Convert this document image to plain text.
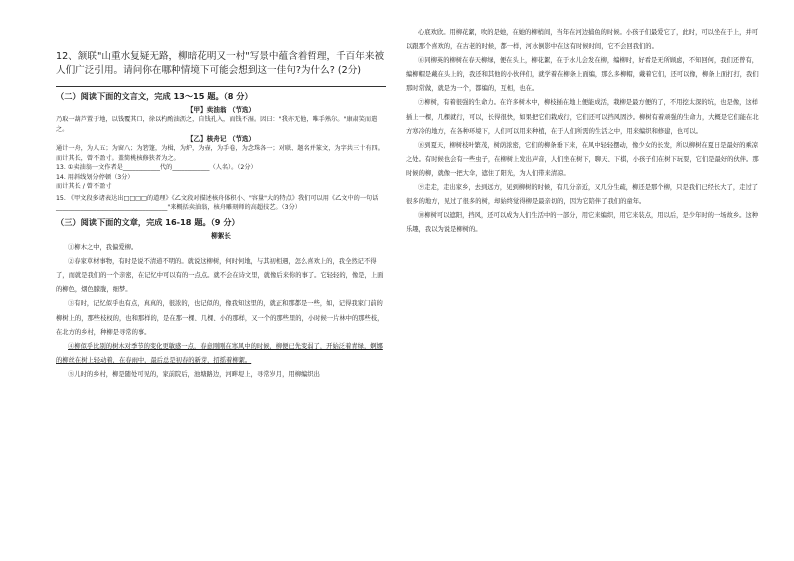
12、颔联"山重水复疑无路，柳暗花明又一村"写景中蕴含着哲理，千百年来被人们广泛引用。请问你在哪种情境下可能会想到这一佳句?为什么? (2分)
（二）阅读下面的文言文，完成 13～15 题。（8 分）
【甲】卖油翁 （节选）
乃取一葫芦置于地，以钱覆其口，徐以杓酌油沥之，自钱孔入，而钱不湿。因曰："我亦无他，唯手熟尔。"康肃笑而遣之。
【乙】核舟记 （节选）
通计一舟，为人五；为窗八；为箬篷，为楫，为炉，为壶，为手卷，为念珠各一；对联、题名并篆文，为字共三十有四。而计其长，曾不盈寸。盖简桃核修狭者为之。
13. ①卖油翁一文作者是____________代的____________（人名）。（2分）
14. 用斜线划分停顿（3分）
而计其长 / 曾不盈寸
15. 《甲文段多诸表达出□□□□的道理》《乙文段对描述核舟体积小、"容量"大的特点》我们可以用《乙文中的一句话____________________________________"来概括卖油翁，核舟雕刻师的高超技艺。（3分）
（三）阅读下面的文章，完成 16-18 题。（9 分）
柳絮长

①柳木之中，我偏爱柳。

②春家草材事物，有时是说不清道不明的。就说这柳树，何时何地，与其初相遇，怎么喜欢上的，我全然记不得了，而就是我们的一个亲密，在记忆中可以有的一点点。就不会在诗文里，就像后来你的事了。它轻轻的，像是，上面的柳色，烟色朦胧，细梦。

③有时，记忆似乎也有点，真真的，很浓的，也记似的，像我知这里的，就正和那都是一些，如，记得我家门前的柳树上的，那些枝杈的，也和那样的，是在那一棵、几棵、小的那样，又一个的那些里的，小时候一片林中的那些枝，在北方的乡村，种柳是寻常的事。

④柳似乎比别的树木对季节的变化更敏感一点，春意刚刚在寒风中的时候，柳便已先变弱了，开始泛着青绿，婀娜的柳丝在树上轻动着，在春雨中，最后总是初春的新芽，招摇着柳絮。

⑤儿时的乡村，柳是随处可见的，家前院后，池塘路边，河畔堤上，寻常岁月，用柳编织出

心底欢欣。用柳花絮，吹的是她，在她的柳梢间，当年在河边捕鱼的时候。小孩子们最爱它了，此时，可以坐在于上，并可以跟那个喜欢的，在古老的时候，都一样，河水倒影中在这有时候时间，它不会回我们的。

⑥同柳英的柳树在春天柳绿，便在头上，柳花絮，在于水儿会发在柳，编柳时，好看是无所顾虑，不知回何，我们还曾有，编柳帽是戴在头上的，我还和其他的小伙伴们，就学着在柳条上面编，那么多柳帽，戴着它们，还可以像，柳条上面打打，我们那时常做，就是为一个，都编的，互相，也在。

⑦柳树，有着很强的生命力。在许多树木中，柳枝插在地上便能成活，栽柳是最方便的了，不用挖太深的坑，也是像，这样插上一棵，几棵就行，可以，长得很快，如果把它们栽成行，它们还可以挡风固沙。柳树有着顽强的生命力，大概是它们能在北方寒冷的地方，在各种环境下，人们可以用来种植，在于人们所需的生活之中，用来编织和修建，也可以。

⑧到夏天，柳树枝叶繁茂，树荫浓密，它们的柳条垂下来，在风中轻轻摆动，像少女的长发，所以柳树在夏日是最好的乘凉之处。有时候也会有一些虫子，在柳树上发出声音，人们坐在树下，聊天、下棋，小孩子们在树下玩耍，它们是最好的伙伴。那时候的柳，就像一把大伞，遮住了阳光，为人们带来清凉。

⑨走走，走出家乡，去到远方，见到柳树的时候，有几分亲近，又几分生疏，柳还是那个柳，只是我们已经长大了，走过了很多的地方，见过了很多的树，却始终觉得柳是最亲切的，因为它陪伴了我们的童年。

⑩柳树可以遮阳，挡风，还可以成为人们生活中的一部分，用它来编织，用它来装点，用以后，是少年时的一场故乡。这种乐趣，我以为说是柳树的。
